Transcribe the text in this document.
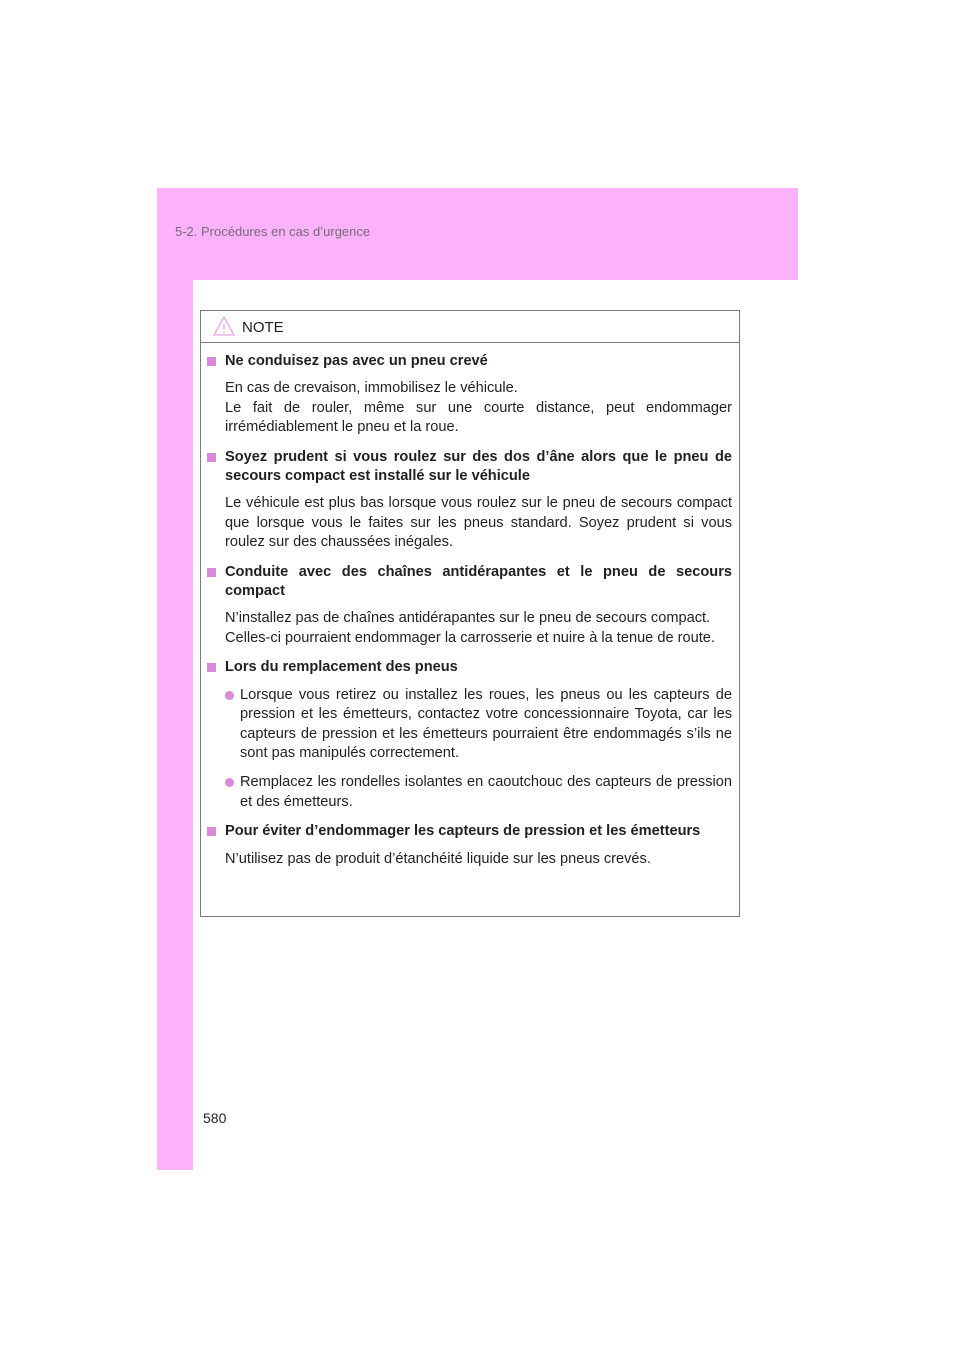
5-2. Procédures en cas d’urgence
NOTE
Ne conduisez pas avec un pneu crevé

En cas de crevaison, immobilisez le véhicule.

Le fait de rouler, même sur une courte distance, peut endommager irrémédiablement le pneu et la roue.

Soyez prudent si vous roulez sur des dos d’âne alors que le pneu de secours compact est installé sur le véhicule

Le véhicule est plus bas lorsque vous roulez sur le pneu de secours compact que lorsque vous le faites sur les pneus standard. Soyez prudent si vous roulez sur des chaussées inégales.

Conduite avec des chaînes antidérapantes et le pneu de secours compact

N’installez pas de chaînes antidérapantes sur le pneu de secours compact.

Celles-ci pourraient endommager la carrosserie et nuire à la tenue de route.

Lors du remplacement des pneus
Lorsque vous retirez ou installez les roues, les pneus ou les capteurs de pression et les émetteurs, contactez votre concessionnaire Toyota, car les capteurs de pression et les émetteurs pourraient être endommagés s’ils ne sont pas manipulés correctement.
Remplacez les rondelles isolantes en caoutchouc des capteurs de pression et des émetteurs.
Pour éviter d’endommager les capteurs de pression et les émetteurs

N’utilisez pas de produit d’étanchéité liquide sur les pneus crevés.

580
